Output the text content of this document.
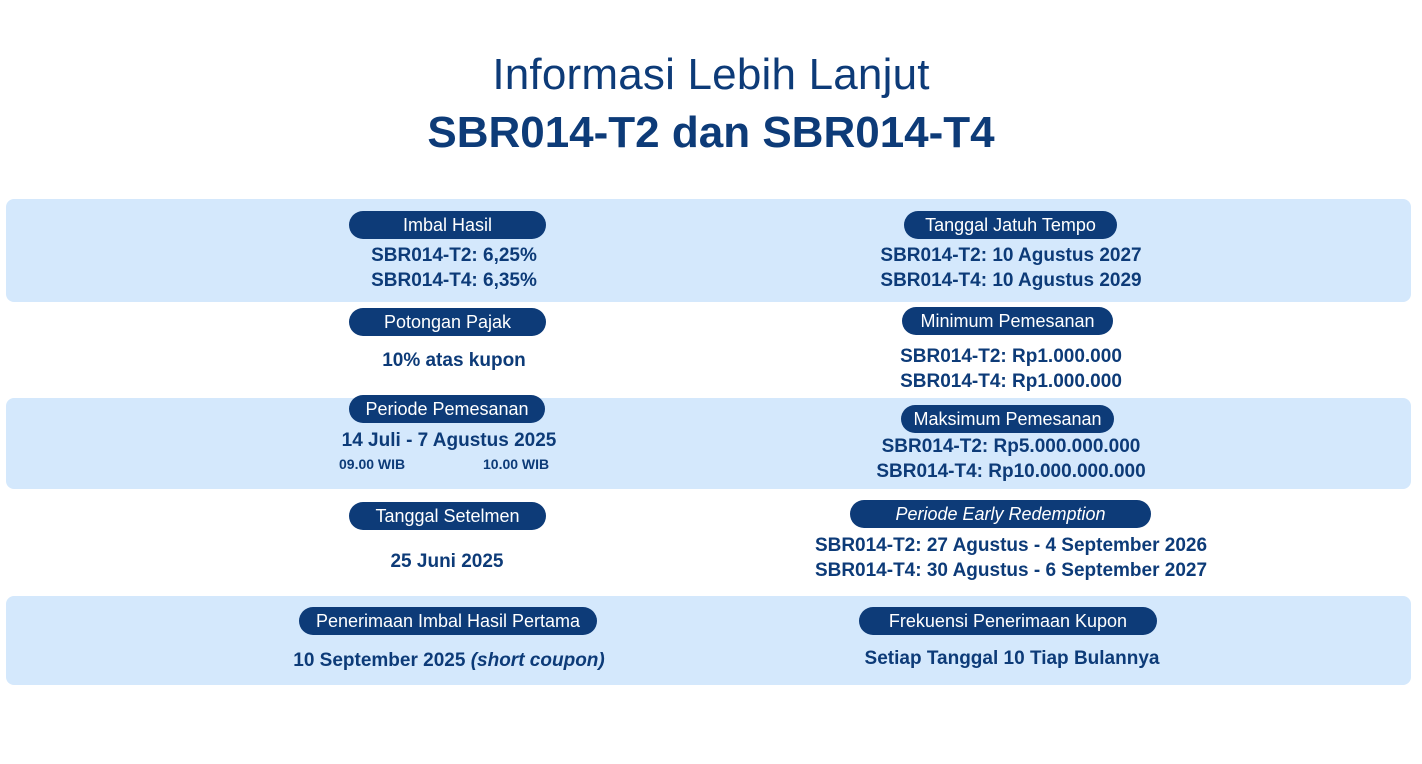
Informasi Lebih Lanjut
SBR014-T2 dan SBR014-T4
Imbal Hasil
SBR014-T2: 6,25%
SBR014-T4: 6,35%
Tanggal Jatuh Tempo
SBR014-T2: 10 Agustus 2027
SBR014-T4: 10 Agustus 2029
Potongan Pajak
10% atas kupon
Minimum Pemesanan
SBR014-T2: Rp1.000.000
SBR014-T4: Rp1.000.000
Periode Pemesanan
14 Juli - 7 Agustus 2025
09.00 WIB	10.00 WIB
Maksimum Pemesanan
SBR014-T2: Rp5.000.000.000
SBR014-T4: Rp10.000.000.000
Tanggal Setelmen
25 Juni 2025
Periode Early Redemption
SBR014-T2: 27 Agustus - 4 September 2026
SBR014-T4: 30 Agustus - 6 September 2027
Penerimaan Imbal Hasil Pertama
10 September 2025 (short coupon)
Frekuensi Penerimaan Kupon
Setiap Tanggal 10 Tiap Bulannya
